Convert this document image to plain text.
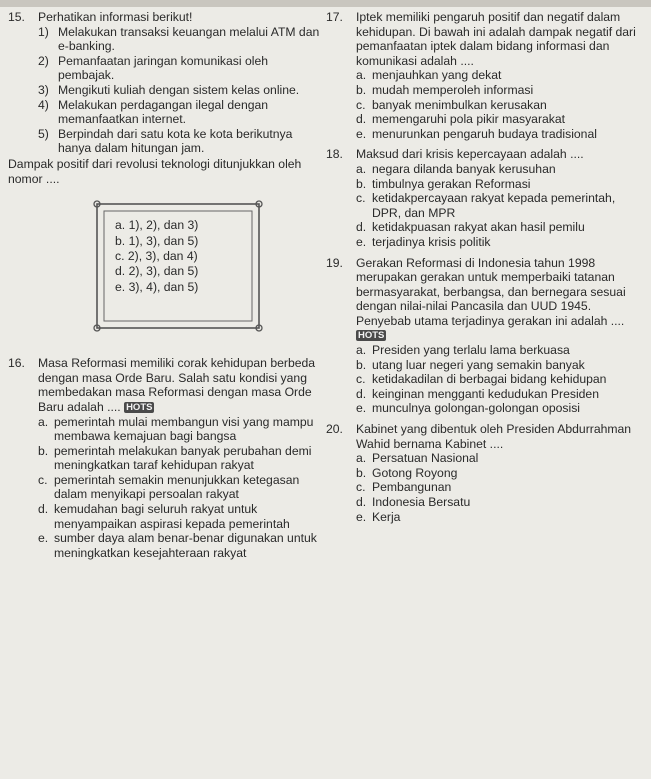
15. Perhatikan informasi berikut!
1) Melakukan transaksi keuangan melalui ATM dan e-banking.
2) Pemanfaatan jaringan komunikasi oleh pembajak.
3) Mengikuti kuliah dengan sistem kelas online.
4) Melakukan perdagangan ilegal dengan memanfaatkan internet.
5) Berpindah dari satu kota ke kota berikutnya hanya dalam hitungan jam.
Dampak positif dari revolusi teknologi ditunjukkan oleh nomor ....
a. 1), 2), dan 3)
b. 1), 3), dan 5)
c. 2), 3), dan 4)
d. 2), 3), dan 5)
e. 3), 4), dan 5)
16. Masa Reformasi memiliki corak kehidupan berbeda dengan masa Orde Baru. Salah satu kondisi yang membedakan masa Reformasi dengan masa Orde Baru adalah .... HOTS
a. pemerintah mulai membangun visi yang mampu membawa kemajuan bagi bangsa
b. pemerintah melakukan banyak perubahan demi meningkatkan taraf kehidupan rakyat
c. pemerintah semakin menunjukkan ketegasan dalam menyikapi persoalan rakyat
d. kemudahan bagi seluruh rakyat untuk menyampaikan aspirasi kepada pemerintah
e. sumber daya alam benar-benar digunakan untuk meningkatkan kesejahteraan rakyat
17. Iptek memiliki pengaruh positif dan negatif dalam kehidupan. Di bawah ini adalah dampak negatif dari pemanfaatan iptek dalam bidang informasi dan komunikasi adalah ....
a. menjauhkan yang dekat
b. mudah memperoleh informasi
c. banyak menimbulkan kerusakan
d. memengaruhi pola pikir masyarakat
e. menurunkan pengaruh budaya tradisional
18. Maksud dari krisis kepercayaan adalah ....
a. negara dilanda banyak kerusuhan
b. timbulnya gerakan Reformasi
c. ketidakpercayaan rakyat kepada pemerintah, DPR, dan MPR
d. ketidakpuasan rakyat akan hasil pemilu
e. terjadinya krisis politik
19. Gerakan Reformasi di Indonesia tahun 1998 merupakan gerakan untuk memperbaiki tatanan bermasyarakat, berbangsa, dan bernegara sesuai dengan nilai-nilai Pancasila dan UUD 1945. Penyebab utama terjadinya gerakan ini adalah .... HOTS
a. Presiden yang terlalu lama berkuasa
b. utang luar negeri yang semakin banyak
c. ketidakadilan di berbagai bidang kehidupan
d. keinginan mengganti kedudukan Presiden
e. munculnya golongan-golongan oposisi
20. Kabinet yang dibentuk oleh Presiden Abdurrahman Wahid bernama Kabinet ....
a. Persatuan Nasional
b. Gotong Royong
c. Pembangunan
d. Indonesia Bersatu
e. Kerja
